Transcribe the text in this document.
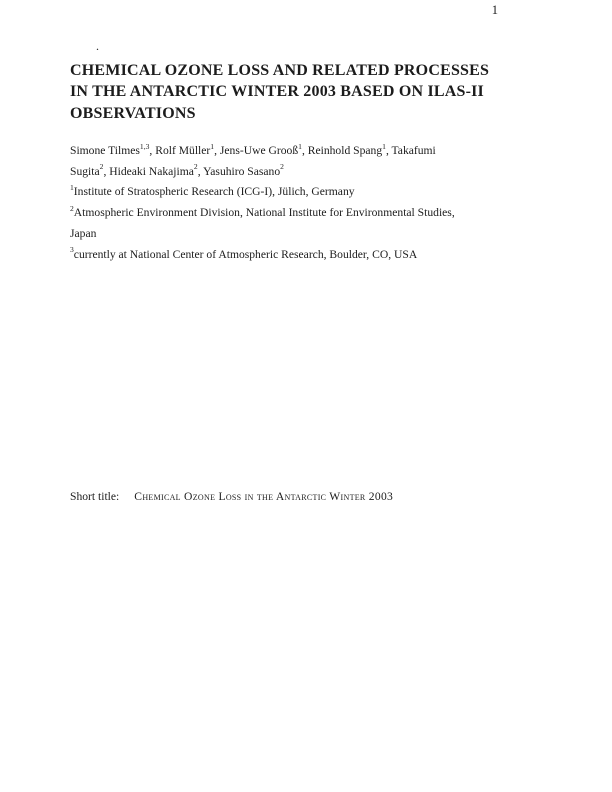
1
.
CHEMICAL OZONE LOSS AND RELATED PROCESSES
IN THE ANTARCTIC WINTER 2003 BASED ON ILAS-II
OBSERVATIONS
Simone Tilmes$^{1,3}$, Rolf Müller$^1$, Jens-Uwe Grooß$^1$, Reinhold Spang$^1$, Takafumi
Sugita$^2$, Hideaki Nakajima$^2$, Yasuhiro Sasano$^2$
$^1$Institute of Stratospheric Research (ICG-I), Jülich, Germany
$^2$Atmospheric Environment Division, National Institute for Environmental Studies,
Japan
$^3$currently at National Center of Atmospheric Research, Boulder, CO, USA
Short title: Chemical Ozone Loss in the Antarctic Winter 2003
